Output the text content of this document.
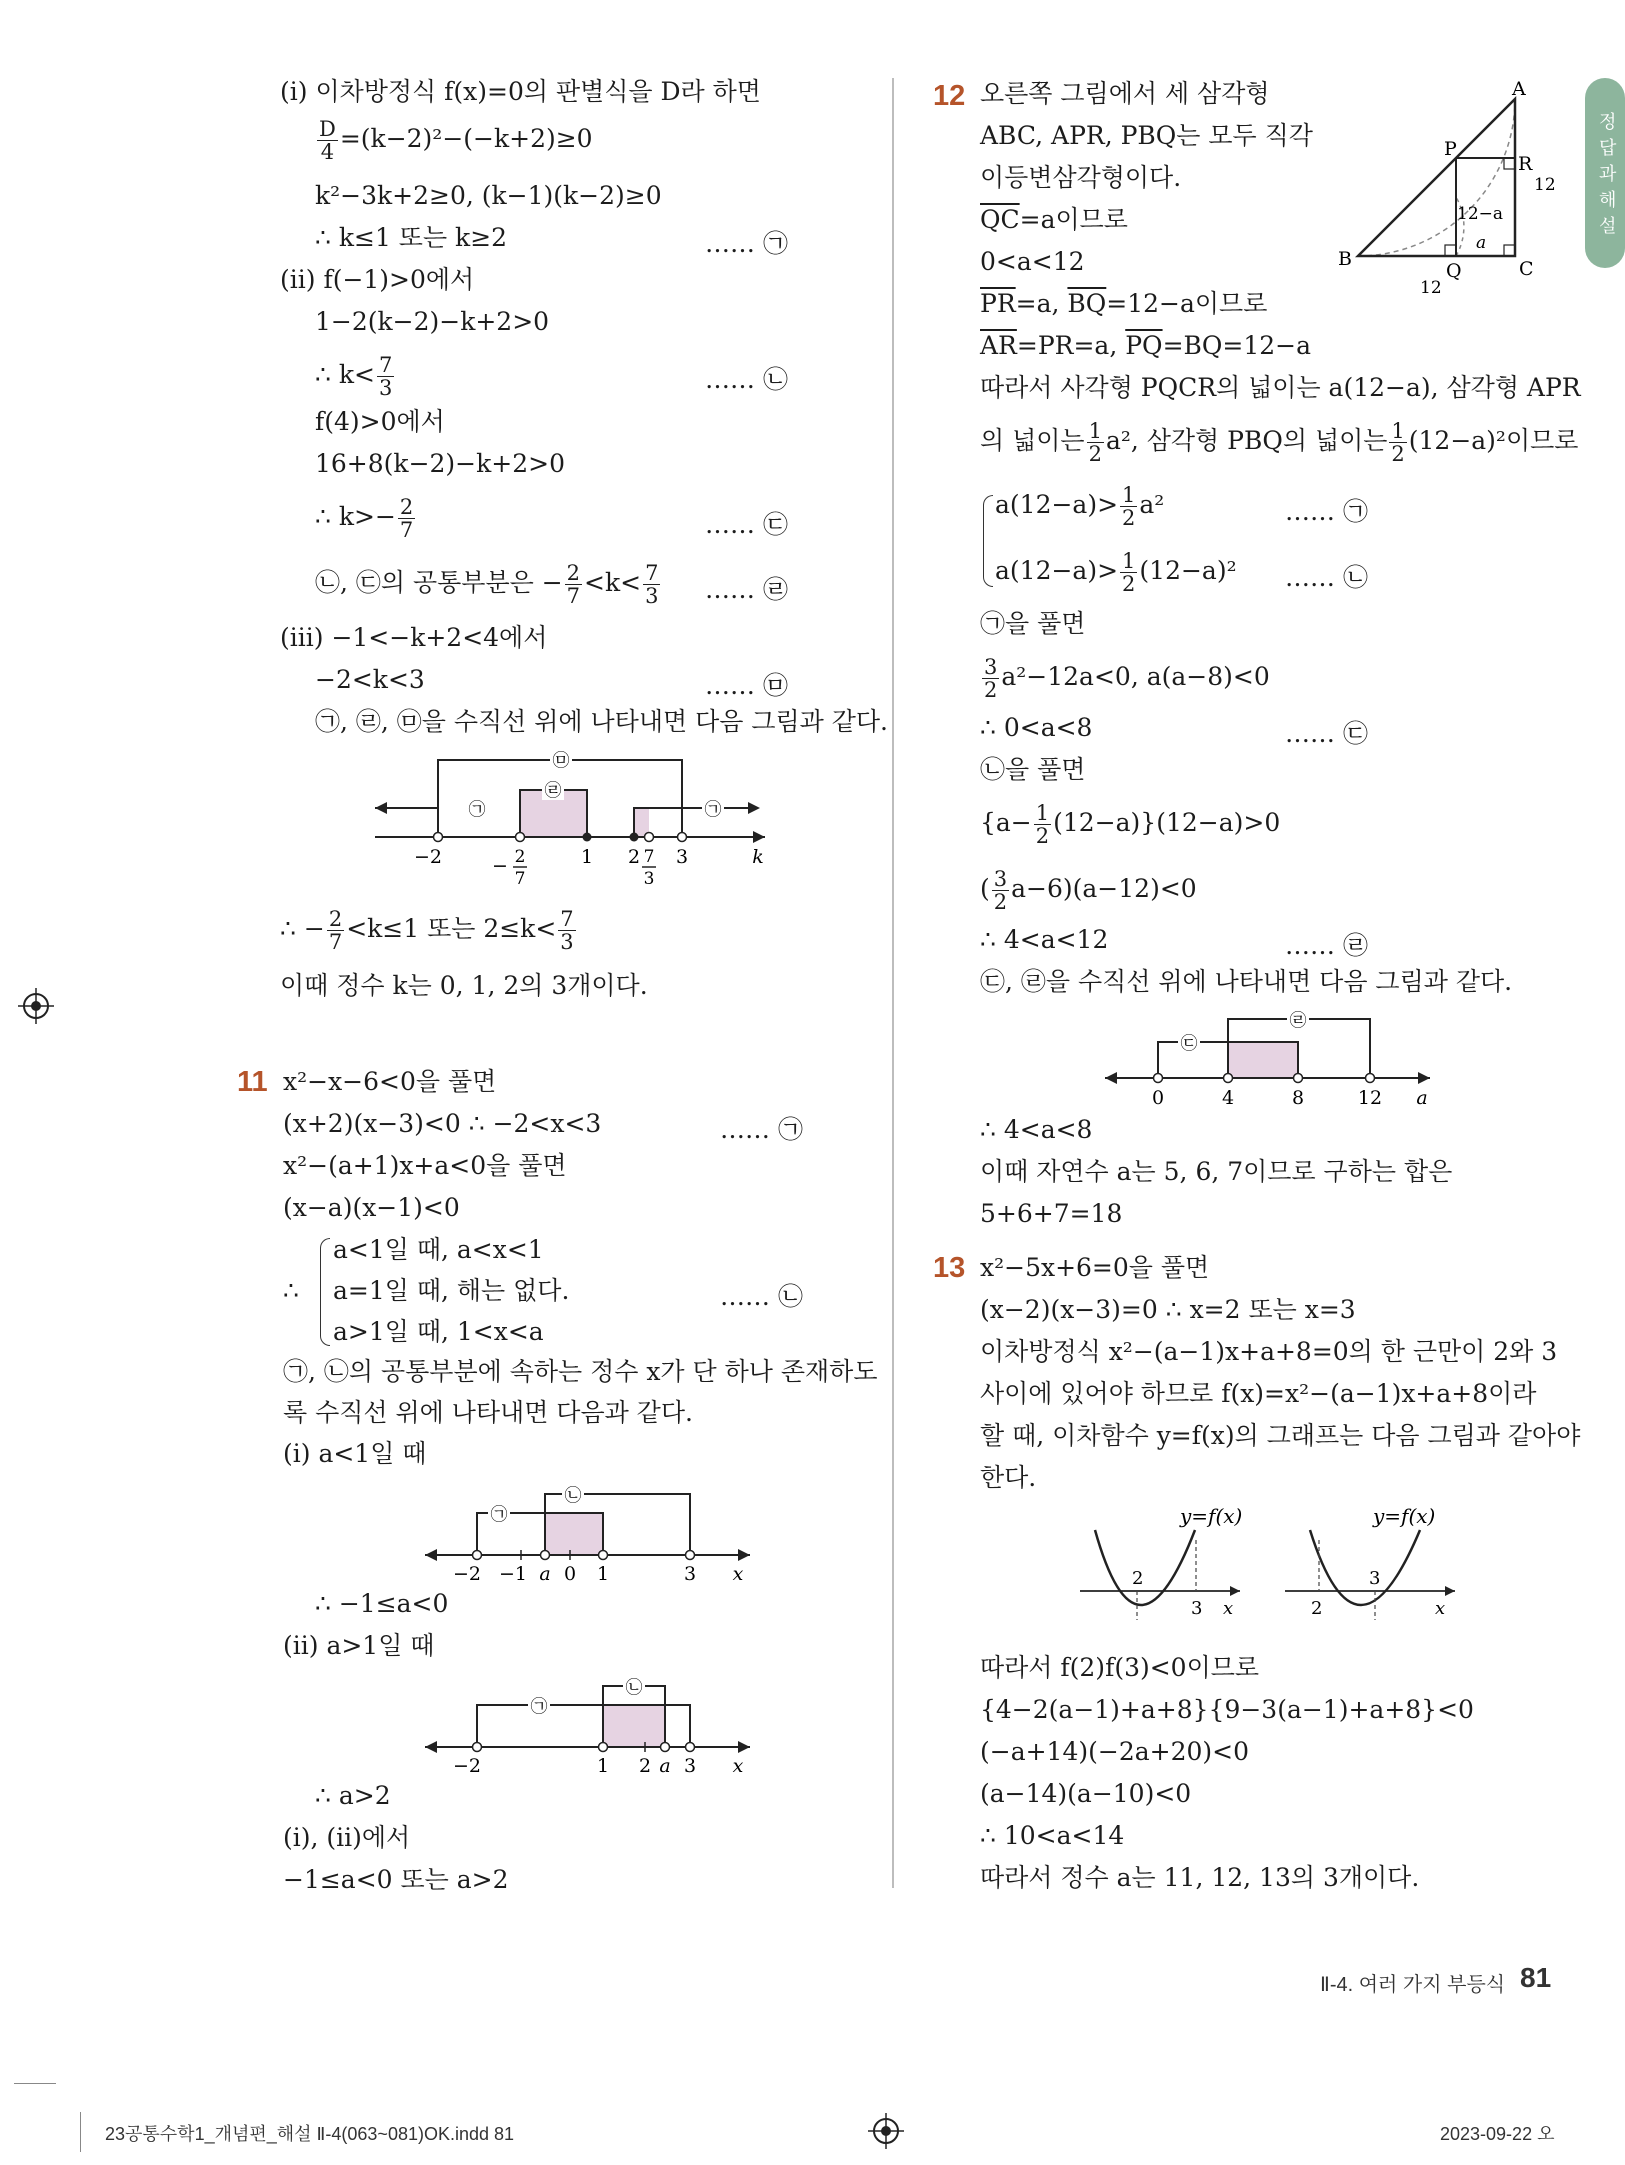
정답과 해설
(i) 이차방정식 f(x)=0의 판별식을 D라 하면
$\frac{D}{4} =(k-2)^2-(-k+2)\ge 0$
k²−3k+2≥0, (k−1)(k−2)≥0
∴ k≤1 또는 k≥2	…… ㉠
(ii) f(−1)>0에서
1−2(k−2)−k+2>0
∴ $k< \frac{7}{3}$	…… ㉡
f(4)>0에서
16+8(k−2)−k+2>0
∴ $k>- \frac{2}{7}$	…… ㉢
㉡, ㉢의 공통부분은 − $\frac{2}{7} <k< \frac{7}{3}$ …… ㉣
(iii) −1<−k+2<4에서
−2<k<3	…… ㉤
㉠, ㉣, ㉤을 수직선 위에 나타내면 다음 그림과 같다.
㉤
㉣
㉠	㉠
−2	− 2
7
1 2 7
3
3	k
∴ − $\frac{2}{7} <k\le 1$ 또는 $2\le k< \frac{7}{3}$
이때 정수 k는 0, 1, 2의 3개이다.
11 x²−x−6<0을 풀면
(x+2)(x−3)<0 ∴ −2<x<3	…… ㉠
x²−(a+1)x+a<0을 풀면
(x−a)(x−1)<0
∴
a<1일 때, a<x<1
a=1일 때, 해는 없다.
a>1일 때, 1<x<a
…… ㉡
㉠, ㉡의 공통부분에 속하는 정수 x가 단 하나 존재하도
록 수직선 위에 나타내면 다음과 같다.
(i) a<1일 때
㉠
㉡
−2 −1 a 0 1	3 x
∴ −1≤a<0
(ii) a>1일 때
㉠
㉡
−2	1 2 a 3 x
∴ a>2
(i), (ii)에서
−1≤a<0 또는 a>2
12 오른쪽 그림에서 세 삼각형
ABC, APR, PBQ는 모두 직각
이등변삼각형이다.
$\overline{QC}=a$이므로
0<a<12
$\overline{PR}=a$, $\overline{BQ}=12-a$이므로
$\overline{AR}=PR=a$, $\overline{PQ}=BQ=12-a$
A
P
R
12
12−a
a
B
Q	C
12
따라서 사각형 PQCR의 넓이는 a(12−a), 삼각형 APR
의 넓이는 $\frac{1}{2} a^2$, 삼각형 PBQ의 넓이는 $\frac{1}{2} (12-a)^2$이므로
$a(12-a)> \frac{1}{2} a^2$	…… ㉠
$a(12-a)> \frac{1}{2} (12-a)^2$ …… ㉡
㉠을 풀면
$\frac{3}{2} a^2-12a<0$, a(a−8)<0
∴ 0<a<8	…… ㉢
㉡을 풀면
$\{a- \frac{1}{2} (12-a)\}(12-a)>0$
( $\frac{3}{2} a-6)(a-12)<0$
∴ 4<a<12	…… ㉣
㉢, ㉣을 수직선 위에 나타내면 다음 그림과 같다.
㉢
㉣
0	4	8	12 a
∴ 4<a<8
이때 자연수 a는 5, 6, 7이므로 구하는 합은
5+6+7=18
13 x²−5x+6=0을 풀면
(x−2)(x−3)=0 ∴ x=2 또는 x=3
이차방정식 x²−(a−1)x+a+8=0의 한 근만이 2와 3
사이에 있어야 하므로 f(x)=x²−(a−1)x+a+8이라
할 때, 이차함수 y=f(x)의 그래프는 다음 그림과 같아야
한다.
y=f(x)
2
3 x
y=f(x)
3
2	x
따라서 f(2)f(3)<0이므로
{4−2(a−1)+a+8}{9−3(a−1)+a+8}<0
(−a+14)(−2a+20)<0
(a−14)(a−10)<0
∴ 10<a<14
따라서 정수 a는 11, 12, 13의 3개이다.
Ⅱ-4. 여러 가지 부등식 81
23공통수학1_개념편_해설 Ⅱ-4(063~081)OK.indd 81	2023-09-22 오
